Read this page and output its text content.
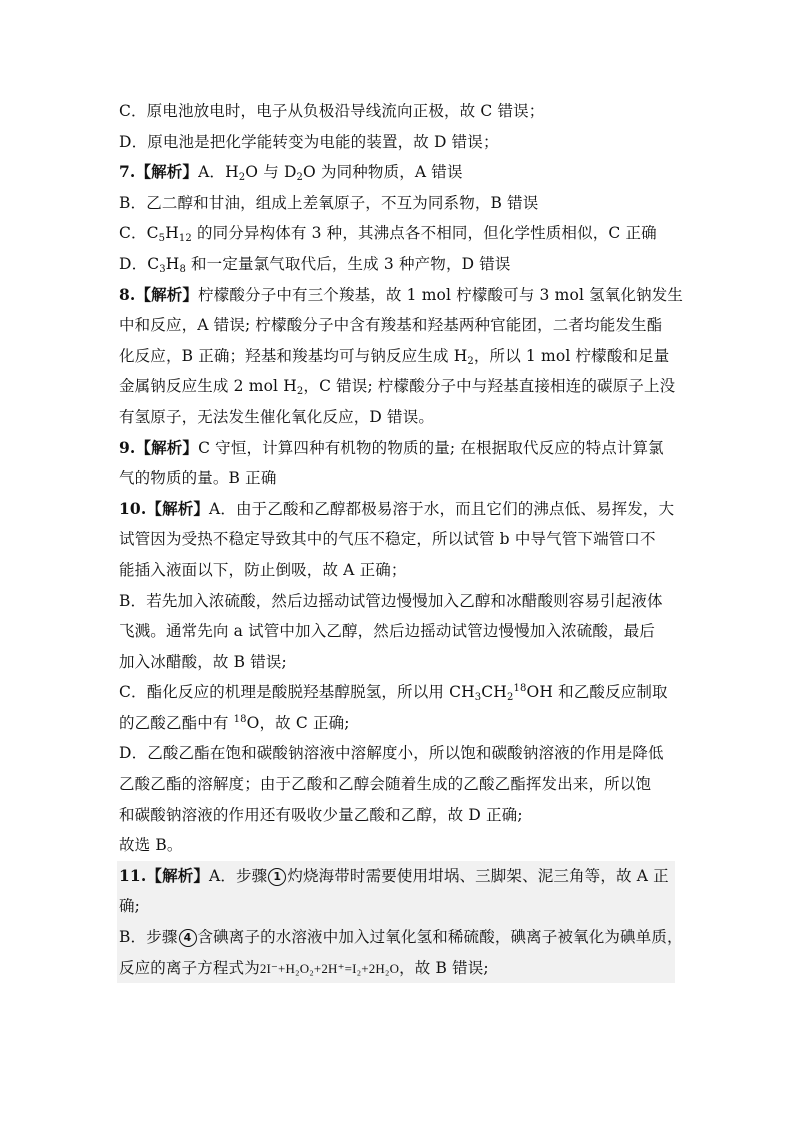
C．原电池放电时，电子从负极沿导线流向正极，故 C 错误；
D．原电池是把化学能转变为电能的装置，故 D 错误；
7.【解析】A．$H_2O$ 与 $D_2O$ 为同种物质，A 错误
B．乙二醇和甘油，组成上差氧原子，不互为同系物，B 错误
C．$C_5H_{12}$ 的同分异构体有 3 种，其沸点各不相同，但化学性质相似，C 正确
D．$C_3H_8$ 和一定量氯气取代后，生成 3 种产物，D 错误
8.【解析】柠檬酸分子中有三个羧基，故 1 mol 柠檬酸可与 3 mol 氢氧化钠发生
中和反应，A 错误; 柠檬酸分子中含有羧基和羟基两种官能团，二者均能发生酯
化反应，B 正确；羟基和羧基均可与钠反应生成 $H_2$，所以 1 mol 柠檬酸和足量
金属钠反应生成 2 mol $H_2$，C 错误; 柠檬酸分子中与羟基直接相连的碳原子上没
有氢原子，无法发生催化氧化反应，D 错误。
9.【解析】C 守恒，计算四种有机物的物质的量; 在根据取代反应的特点计算氯
气的物质的量。B 正确
10.【解析】A．由于乙酸和乙醇都极易溶于水，而且它们的沸点低、易挥发，大
试管因为受热不稳定导致其中的气压不稳定，所以试管 b 中导气管下端管口不
能插入液面以下，防止倒吸，故 A 正确；
B．若先加入浓硫酸，然后边摇动试管边慢慢加入乙醇和冰醋酸则容易引起液体
飞溅。通常先向 a 试管中加入乙醇，然后边摇动试管边慢慢加入浓硫酸，最后
加入冰醋酸，故 B 错误;
C．酯化反应的机理是酸脱羟基醇脱氢，所以用 $CH_3CH_2^{18}OH$ 和乙酸反应制取
的乙酸乙酯中有 $^{18}$O，故 C 正确;
D．乙酸乙酯在饱和碳酸钠溶液中溶解度小，所以饱和碳酸钠溶液的作用是降低
乙酸乙酯的溶解度；由于乙酸和乙醇会随着生成的乙酸乙酯挥发出来，所以饱
和碳酸钠溶液的作用还有吸收少量乙酸和乙醇，故 D 正确;
故选 B。
11.【解析】A．步骤 1 灼烧海带时需要使用坩埚、三脚架、泥三角等，故 A 正
确;
B．步骤 4 含碘离子的水溶液中加入过氧化氢和稀硫酸，碘离子被氧化为碘单质，
反应的离子方程式为2I⁻+H₂O₂+2H⁺=I₂+2H₂O，故 B 错误;
